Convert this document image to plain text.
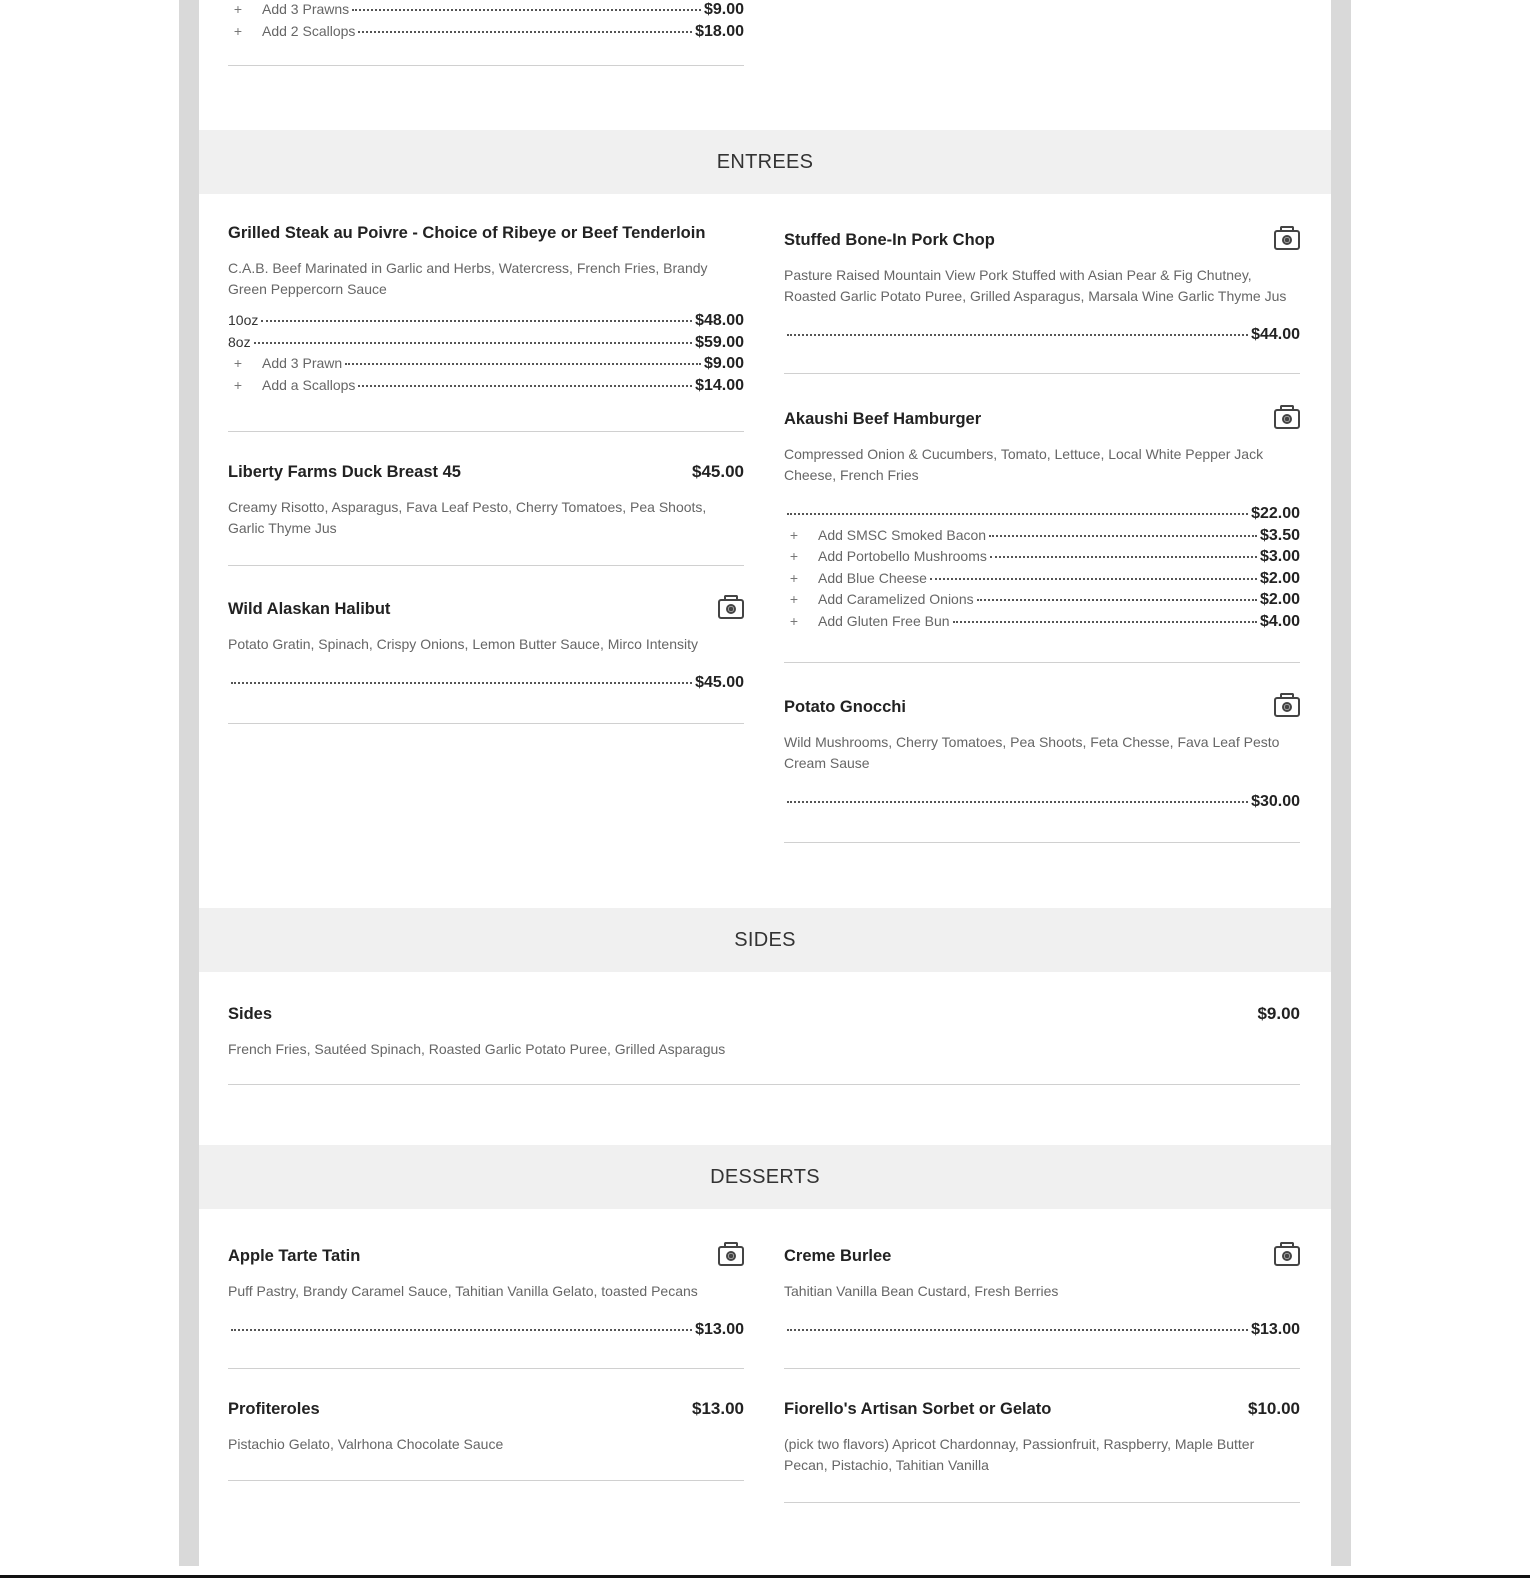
+	Add 3 Prawns	$9.00
+	Add 2 Scallops	$18.00
ENTREES
Grilled Steak au Poivre - Choice of Ribeye or Beef Tenderloin
C.A.B. Beef Marinated in Garlic and Herbs, Watercress, French Fries, Brandy Green Peppercorn Sauce
10oz	$48.00
8oz	$59.00
+	Add 3 Prawn	$9.00
+	Add a Scallops	$14.00
Liberty Farms Duck Breast 45	$45.00
Creamy Risotto, Asparagus, Fava Leaf Pesto, Cherry Tomatoes, Pea Shoots, Garlic Thyme Jus
Wild Alaskan Halibut
Potato Gratin, Spinach, Crispy Onions, Lemon Butter Sauce, Mirco Intensity
$45.00
Stuffed Bone-In Pork Chop
Pasture Raised Mountain View Pork Stuffed with Asian Pear & Fig Chutney, Roasted Garlic Potato Puree, Grilled Asparagus, Marsala Wine Garlic Thyme Jus
$44.00
Akaushi Beef Hamburger
Compressed Onion & Cucumbers, Tomato, Lettuce, Local White Pepper Jack Cheese, French Fries
$22.00
+	Add SMSC Smoked Bacon	$3.50
+	Add Portobello Mushrooms	$3.00
+	Add Blue Cheese	$2.00
+	Add Caramelized Onions	$2.00
+	Add Gluten Free Bun	$4.00
Potato Gnocchi
Wild Mushrooms, Cherry Tomatoes, Pea Shoots, Feta Chesse, Fava Leaf Pesto Cream Sause
$30.00
SIDES
Sides	$9.00
French Fries, Sautéed Spinach, Roasted Garlic Potato Puree, Grilled Asparagus
DESSERTS
Apple Tarte Tatin
Puff Pastry, Brandy Caramel Sauce, Tahitian Vanilla Gelato, toasted Pecans
$13.00
Creme Burlee
Tahitian Vanilla Bean Custard, Fresh Berries
$13.00
Profiteroles	$13.00
Pistachio Gelato, Valrhona Chocolate Sauce
Fiorello's Artisan Sorbet or Gelato	$10.00
(pick two flavors) Apricot Chardonnay, Passionfruit, Raspberry, Maple Butter Pecan, Pistachio, Tahitian Vanilla
